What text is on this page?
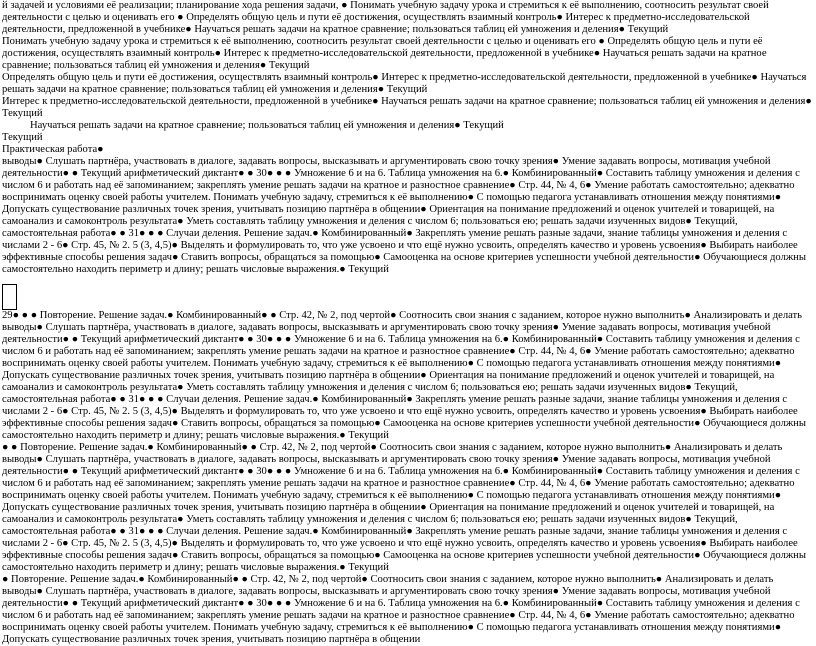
й задачей и условиями её реализации; планирование хода решения задачи, ● Понимать учебную задачу урока и стремиться к её выполнению, соотносить результат своей деятельности с целью и оценивать его ● Определять общую цель и пути её достижения, осуществлять взаимный контроль● Интерес к предметно-исследовательской деятельности, предложенной в учебнике● Научаться решать задачи на кратное сравнение; пользоваться таблиц ей умножения и деления● Текущий

Понимать учебную задачу урока и стремиться к её выполнению, соотносить результат своей деятельности с целью и оценивать его ● Определять общую цель и пути её достижения, осуществлять взаимный контроль● Интерес к предметно-исследовательской деятельности, предложенной в учебнике● Научаться решать задачи на кратное сравнение; пользоваться таблиц ей умножения и деления● Текущий

Определять общую цель и пути её достижения, осуществлять взаимный контроль● Интерес к предметно-исследовательской деятельности, предложенной в учебнике● Научаться решать задачи на кратное сравнение; пользоваться таблиц ей умножения и деления● Текущий

Интерес к предметно-исследовательской деятельности, предложенной в учебнике● Научаться решать задачи на кратное сравнение; пользоваться таблиц ей умножения и деления● Текущий

Научаться решать задачи на кратное сравнение; пользоваться таблиц ей умножения и деления● Текущий

Текущий

Практическая работа●

выводы● Слушать партнёра, участвовать в диалоге, задавать вопросы, высказывать и аргументировать свою точку зрения● Умение задавать вопросы, мотивация учебной деятельности● ● Текущий арифметический диктант● ● 30● ● ● Умножение 6 и на 6. Таблица умножения на 6.● Комбинированный● Составить таблицу умножения и деления с числом 6 и работать над её запоминанием; закреплять умение решать задачи на кратное и разностное сравнение● Стр. 44, № 4, 6● Умение работать самостоятельно; адекватно воспринимать оценку своей работы учителем. Понимать учебную задачу, стремиться к её выполнению● С помощью педагога устанавливать отношения между понятиями● Допускать существование различных точек зрения, учитывать позицию партнёра в общении● Ориентация на понимание предложений и оценок учителей и товарищей, на самоанализ и самоконтроль результата● Уметь составлять таблицу умножения и деления с числом 6; пользоваться ею; решать задачи изученных видов● Текущий, самостоятельная работа● ● 31● ● ● Случаи деления. Решение задач.● Комбинированный● Закреплять умение решать разные задачи, знание таблицы умножения и деления с числами 2 - 6● Стр. 45, № 2. 5 (3, 4,5)● Выделять и формулировать то, что уже усвоено и что ещё нужно усвоить, определять качество и уровень усвоения● Выбирать наиболее эффективные способы решения задач● Ставить вопросы, обращаться за помощью● Самооценка на основе критериев успешности учебной деятельности● Обучающиеся должны самостоятельно находить периметр и длину; решать числовые выражения.● Текущий

29● ● ● Повторение. Решение задач.● Комбинированный● ● Стр. 42, № 2, под чертой● Соотносить свои знания с заданием, которое нужно выполнить● Анализировать и делать выводы● Слушать партнёра, участвовать в диалоге, задавать вопросы, высказывать и аргументировать свою точку зрения● Умение задавать вопросы, мотивация учебной деятельности● ● Текущий арифметический диктант● ● 30● ● ● Умножение 6 и на 6. Таблица умножения на 6.● Комбинированный● Составить таблицу умножения и деления с числом 6 и работать над её запоминанием; закреплять умение решать задачи на кратное и разностное сравнение● Стр. 44, № 4, 6● Умение работать самостоятельно; адекватно воспринимать оценку своей работы учителем. Понимать учебную задачу, стремиться к её выполнению● С помощью педагога устанавливать отношения между понятиями● Допускать существование различных точек зрения, учитывать позицию партнёра в общении● Ориентация на понимание предложений и оценок учителей и товарищей, на самоанализ и самоконтроль результата● Уметь составлять таблицу умножения и деления с числом 6; пользоваться ею; решать задачи изученных видов● Текущий, самостоятельная работа● ● 31● ● ● Случаи деления. Решение задач.● Комбинированный● Закреплять умение решать разные задачи, знание таблицы умножения и деления с числами 2 - 6● Стр. 45, № 2. 5 (3, 4,5)● Выделять и формулировать то, что уже усвоено и что ещё нужно усвоить, определять качество и уровень усвоения● Выбирать наиболее эффективные способы решения задач● Ставить вопросы, обращаться за помощью● Самооценка на основе критериев успешности учебной деятельности● Обучающиеся должны самостоятельно находить периметр и длину; решать числовые выражения.● Текущий

● ● Повторение. Решение задач.● Комбинированный● ● Стр. 42, № 2, под чертой● Соотносить свои знания с заданием, которое нужно выполнить● Анализировать и делать выводы● Слушать партнёра, участвовать в диалоге, задавать вопросы, высказывать и аргументировать свою точку зрения● Умение задавать вопросы, мотивация учебной деятельности● ● Текущий арифметический диктант● ● 30● ● ● Умножение 6 и на 6. Таблица умножения на 6.● Комбинированный● Составить таблицу умножения и деления с числом 6 и работать над её запоминанием; закреплять умение решать задачи на кратное и разностное сравнение● Стр. 44, № 4, 6● Умение работать самостоятельно; адекватно воспринимать оценку своей работы учителем. Понимать учебную задачу, стремиться к её выполнению● С помощью педагога устанавливать отношения между понятиями● Допускать существование различных точек зрения, учитывать позицию партнёра в общении● Ориентация на понимание предложений и оценок учителей и товарищей, на самоанализ и самоконтроль результата● Уметь составлять таблицу умножения и деления с числом 6; пользоваться ею; решать задачи изученных видов● Текущий, самостоятельная работа● ● 31● ● ● Случаи деления. Решение задач.● Комбинированный● Закреплять умение решать разные задачи, знание таблицы умножения и деления с числами 2 - 6● Стр. 45, № 2. 5 (3, 4,5)● Выделять и формулировать то, что уже усвоено и что ещё нужно усвоить, определять качество и уровень усвоения● Выбирать наиболее эффективные способы решения задач● Ставить вопросы, обращаться за помощью● Самооценка на основе критериев успешности учебной деятельности● Обучающиеся должны самостоятельно находить периметр и длину; решать числовые выражения.● Текущий

● Повторение. Решение задач.● Комбинированный● ● Стр. 42, № 2, под чертой● Соотносить свои знания с заданием, которое нужно выполнить● Анализировать и делать выводы● Слушать партнёра, участвовать в диалоге, задавать вопросы, высказывать и аргументировать свою точку зрения● Умение задавать вопросы, мотивация учебной деятельности● ● Текущий арифметический диктант● ● 30● ● ● Умножение 6 и на 6. Таблица умножения на 6.● Комбинированный● Составить таблицу умножения и деления с числом 6 и работать над её запоминанием; закреплять умение решать задачи на кратное и разностное сравнение● Стр. 44, № 4, 6● Умение работать самостоятельно; адекватно воспринимать оценку своей работы учителем. Понимать учебную задачу, стремиться к её выполнению● С помощью педагога устанавливать отношения между понятиями● Допускать существование различных точек зрения, учитывать позицию партнёра в общении
